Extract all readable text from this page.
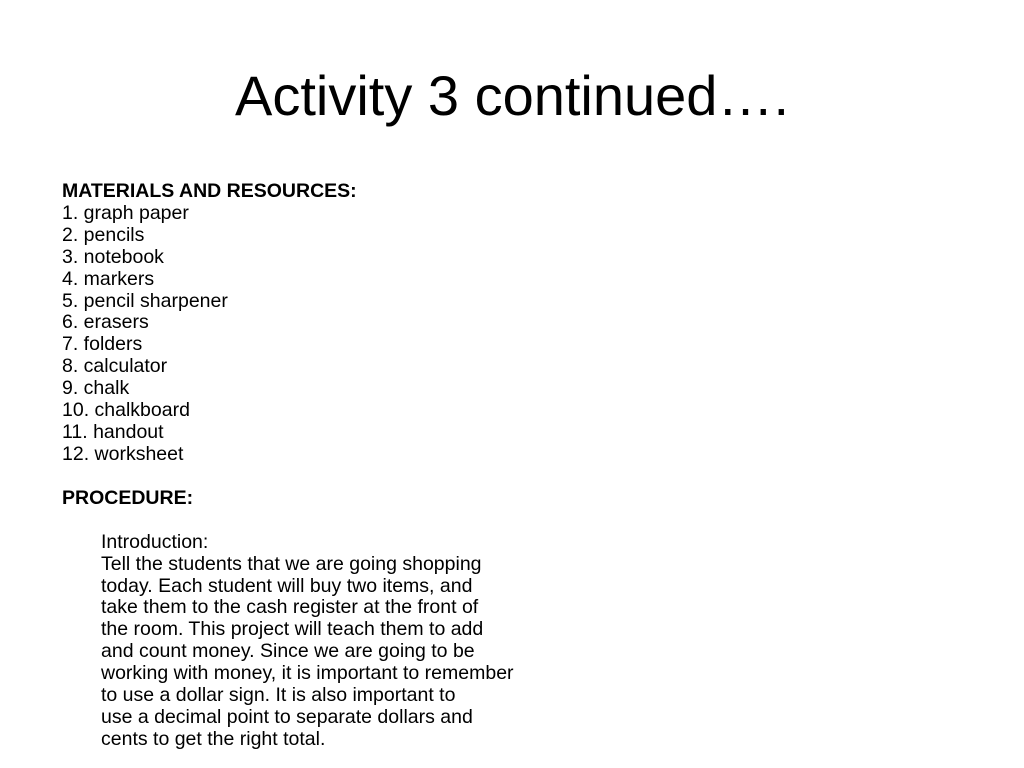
Activity 3 continued….

MATERIALS AND RESOURCES:

1. graph paper
2. pencils
3. notebook
4. markers
5. pencil sharpener
6. erasers
7. folders
8. calculator
9. chalk
10. chalkboard
11. handout
12. worksheet

PROCEDURE:

Introduction:
Tell the students that we are going shopping
today. Each student will buy two items, and
take them to the cash register at the front of
the room. This project will teach them to add
and count money. Since we are going to be
working with money, it is important to remember
to use a dollar sign. It is also important to
use a decimal point to separate dollars and
cents to get the right total.
